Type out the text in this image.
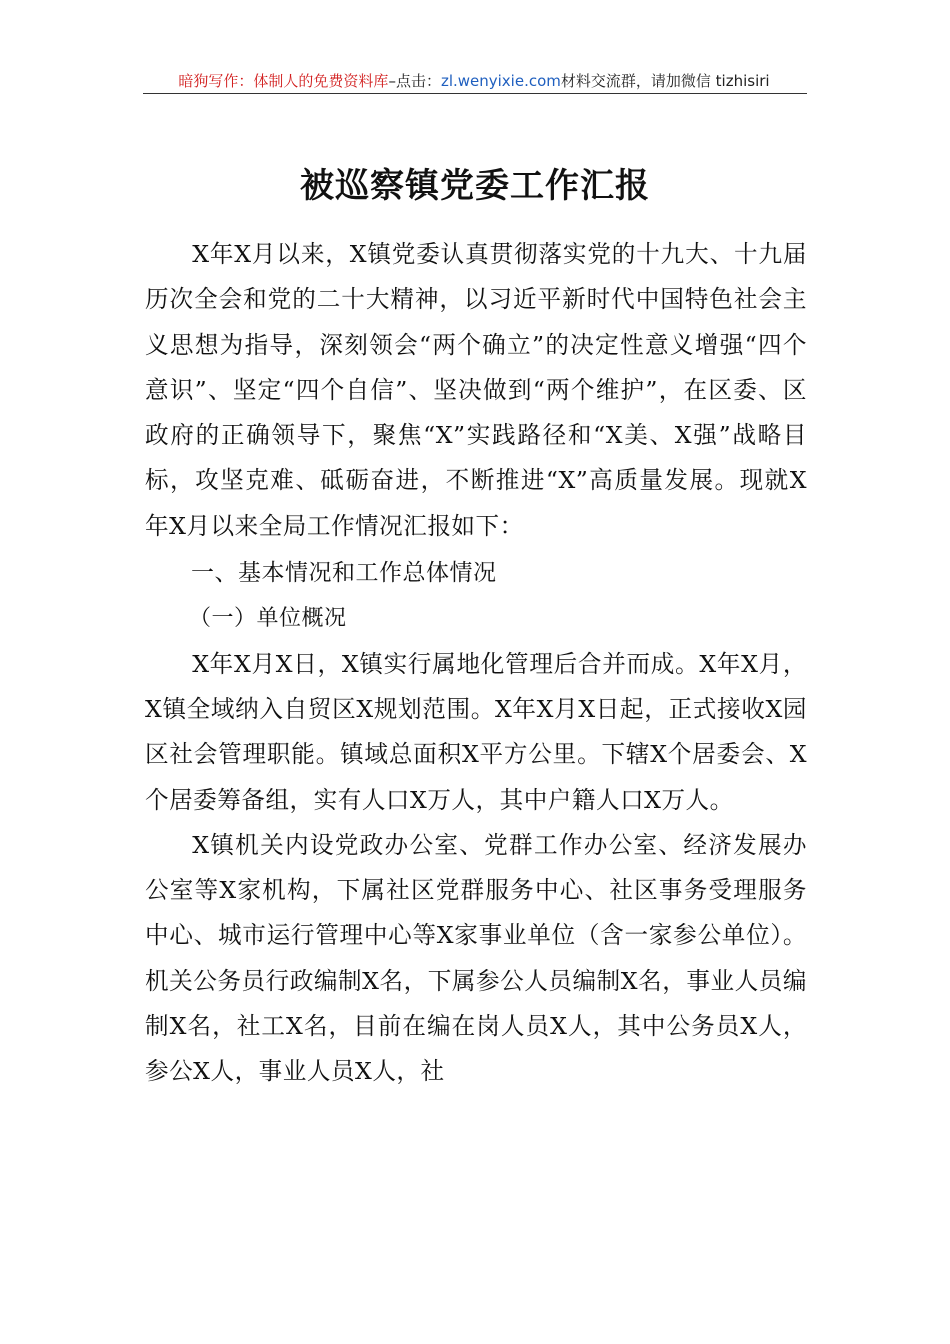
暗狗写作：体制人的免费资料库–点击：zl.wenyixie.com材料交流群，请加微信 tizhisiri
被巡察镇党委工作汇报

X年X月以来，X镇党委认真贯彻落实党的十九大、十九届历次全会和党的二十大精神，以习近平新时代中国特色社会主义思想为指导，深刻领会“两个确立”的决定性意义增强“四个意识”、坚定“四个自信”、坚决做到“两个维护”，在区委、区政府的正确领导下，聚焦“X”实践路径和“X美、X强”战略目标，攻坚克难、砥砺奋进，不断推进“X”高质量发展。现就X年X月以来全局工作情况汇报如下：

一、基本情况和工作总体情况
（一）单位概况

X年X月X日，X镇实行属地化管理后合并而成。X年X月，X镇全域纳入自贸区X规划范围。X年X月X日起，正式接收X园区社会管理职能。镇域总面积X平方公里。下辖X个居委会、X个居委筹备组，实有人口X万人，其中户籍人口X万人。

X镇机关内设党政办公室、党群工作办公室、经济发展办公室等X家机构，下属社区党群服务中心、社区事务受理服务中心、城市运行管理中心等X家事业单位（含一家参公单位）。机关公务员行政编制X名，下属参公人员编制X名，事业人员编制X名，社工X名，目前在编在岗人员X人，其中公务员X人，参公X人，事业人员X人，社
